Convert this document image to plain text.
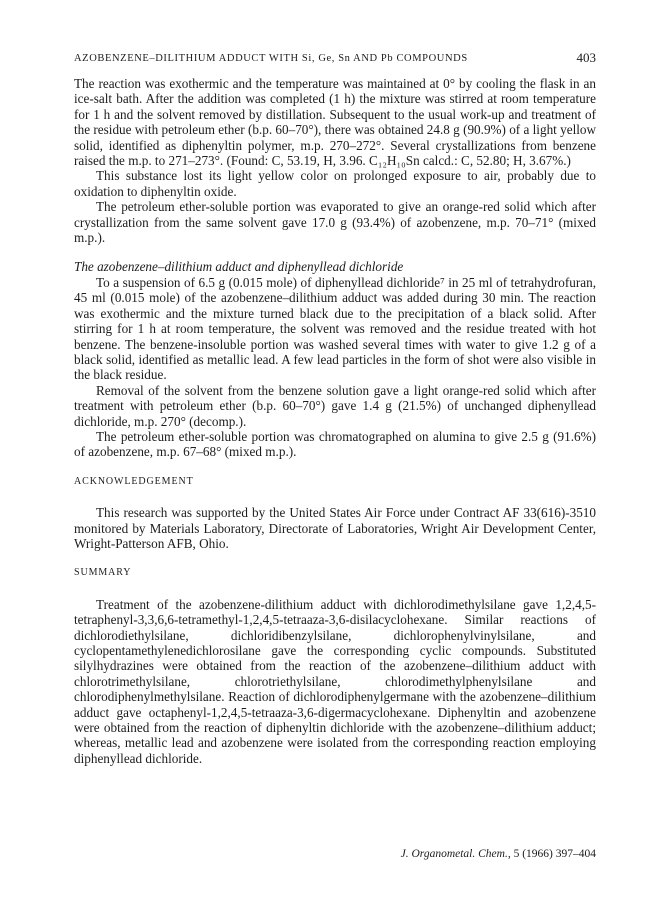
AZOBENZENE–DILITHIUM ADDUCT WITH Si, Ge, Sn AND Pb COMPOUNDS	403

The reaction was exothermic and the temperature was maintained at 0° by cooling the flask in an ice-salt bath. After the addition was completed (1 h) the mixture was stirred at room temperature for 1 h and the solvent removed by distillation. Subsequent to the usual work-up and treatment of the residue with petroleum ether (b.p. 60–70°), there was obtained 24.8 g (90.9%) of a light yellow solid, identified as diphenyltin polymer, m.p. 270–272°. Several crystallizations from benzene raised the m.p. to 271–273°. (Found: C, 53.19, H, 3.96. C₁₂H₁₀Sn calcd.: C, 52.80; H, 3.67%.)

This substance lost its light yellow color on prolonged exposure to air, probably due to oxidation to diphenyltin oxide.

The petroleum ether-soluble portion was evaporated to give an orange-red solid which after crystallization from the same solvent gave 17.0 g (93.4%) of azobenzene, m.p. 70–71° (mixed m.p.).

The azobenzene–dilithium adduct and diphenyllead dichloride

To a suspension of 6.5 g (0.015 mole) of diphenyllead dichloride⁷ in 25 ml of tetrahydrofuran, 45 ml (0.015 mole) of the azobenzene–dilithium adduct was added during 30 min. The reaction was exothermic and the mixture turned black due to the precipitation of a black solid. After stirring for 1 h at room temperature, the solvent was removed and the residue treated with hot benzene. The benzene-insoluble portion was washed several times with water to give 1.2 g of a black solid, identified as metallic lead. A few lead particles in the form of shot were also visible in the black residue.

Removal of the solvent from the benzene solution gave a light orange-red solid which after treatment with petroleum ether (b.p. 60–70°) gave 1.4 g (21.5%) of unchanged diphenyllead dichloride, m.p. 270° (decomp.).

The petroleum ether-soluble portion was chromatographed on alumina to give 2.5 g (91.6%) of azobenzene, m.p. 67–68° (mixed m.p.).

ACKNOWLEDGEMENT

This research was supported by the United States Air Force under Contract AF 33(616)-3510 monitored by Materials Laboratory, Directorate of Laboratories, Wright Air Development Center, Wright-Patterson AFB, Ohio.

SUMMARY

Treatment of the azobenzene-dilithium adduct with dichlorodimethylsilane gave 1,2,4,5-tetraphenyl-3,3,6,6-tetramethyl-1,2,4,5-tetraaza-3,6-disilacyclohexane. Similar reactions of dichlorodiethylsilane, dichloridibenzylsilane, dichlorophenylvinylsilane, and cyclopentamethylenedichlorosilane gave the corresponding cyclic compounds. Substituted silylhydrazines were obtained from the reaction of the azobenzene–dilithium adduct with chlorotrimethylsilane, chlorotriethylsilane, chlorodimethylphenylsilane and chlorodiphenylmethylsilane. Reaction of dichlorodiphenylgermane with the azobenzene–dilithium adduct gave octaphenyl-1,2,4,5-tetraaza-3,6-digermacyclohexane. Diphenyltin and azobenzene were obtained from the reaction of diphenyltin dichloride with the azobenzene–dilithium adduct; whereas, metallic lead and azobenzene were isolated from the corresponding reaction employing diphenyllead dichloride.

J. Organometal. Chem., 5 (1966) 397–404
